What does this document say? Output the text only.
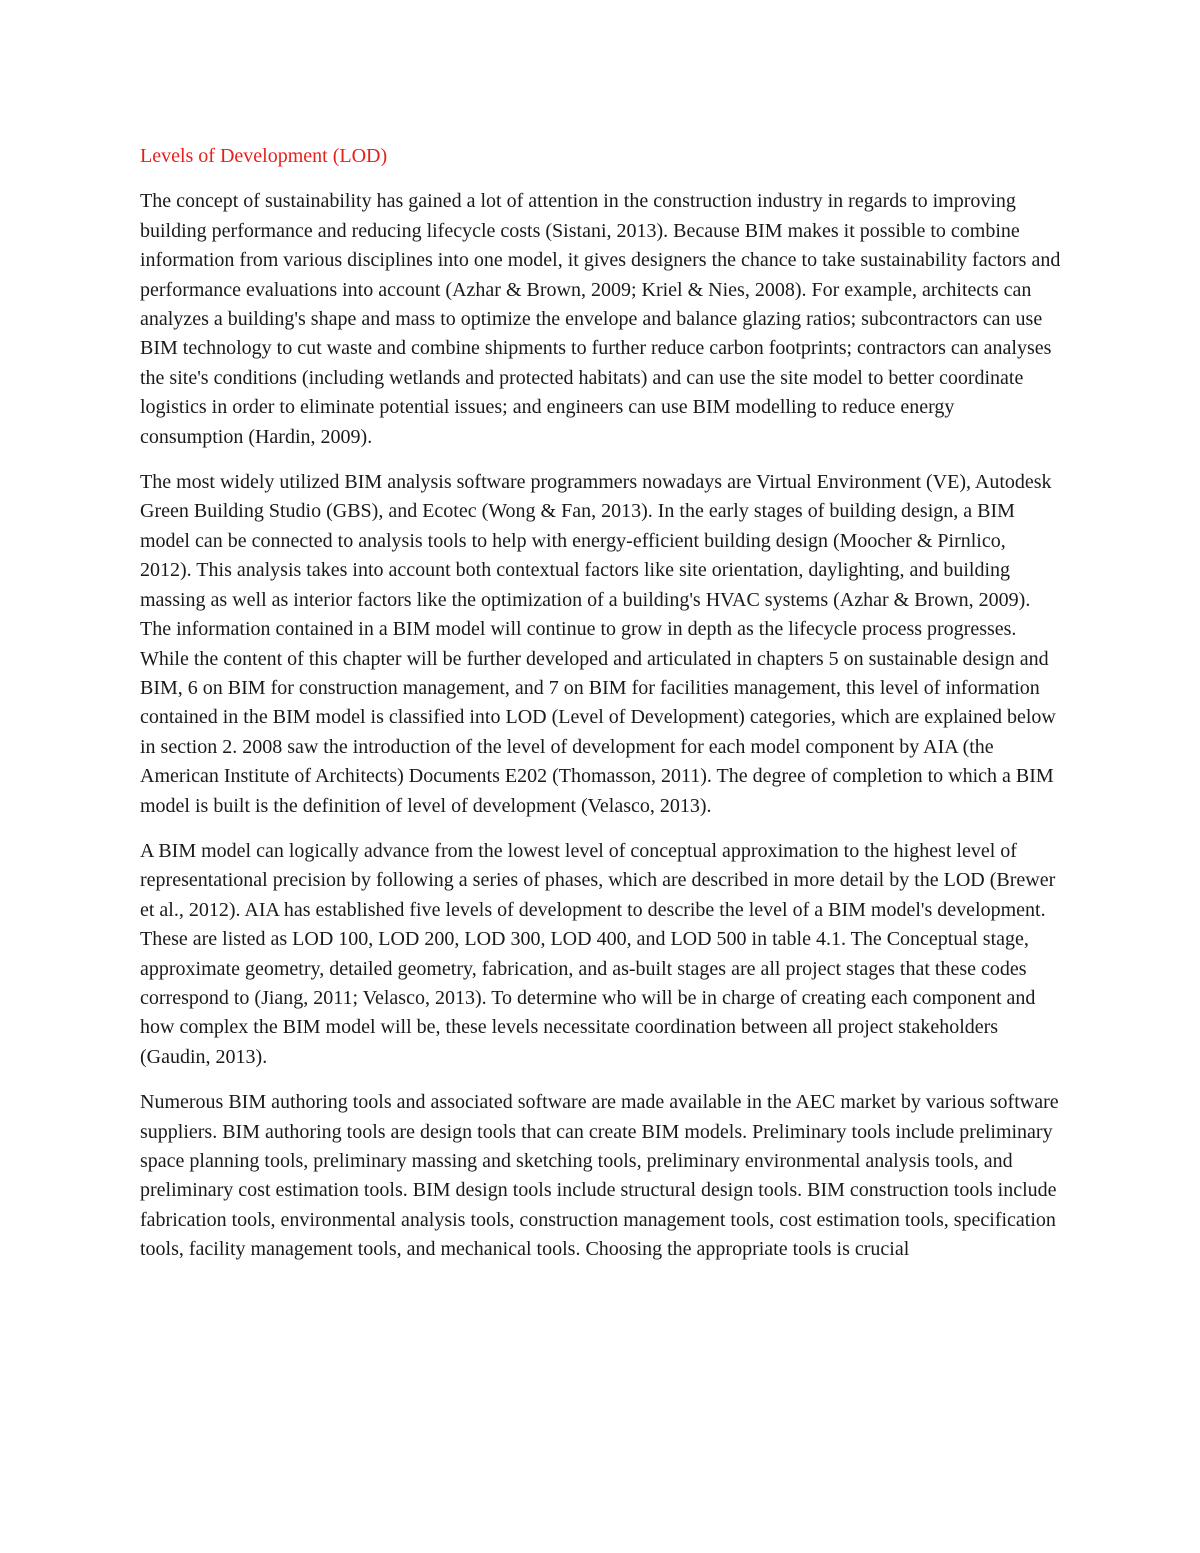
Levels of Development (LOD)

The concept of sustainability has gained a lot of attention in the construction industry in regards to improving building performance and reducing lifecycle costs (Sistani, 2013). Because BIM makes it possible to combine information from various disciplines into one model, it gives designers the chance to take sustainability factors and performance evaluations into account (Azhar & Brown, 2009; Kriel & Nies, 2008). For example, architects can analyzes a building's shape and mass to optimize the envelope and balance glazing ratios; subcontractors can use BIM technology to cut waste and combine shipments to further reduce carbon footprints; contractors can analyses the site's conditions (including wetlands and protected habitats) and can use the site model to better coordinate logistics in order to eliminate potential issues; and engineers can use BIM modelling to reduce energy consumption (Hardin, 2009).

The most widely utilized BIM analysis software programmers nowadays are Virtual Environment (VE), Autodesk Green Building Studio (GBS), and Ecotec (Wong & Fan, 2013). In the early stages of building design, a BIM model can be connected to analysis tools to help with energy-efficient building design (Moocher & Pirnlico, 2012). This analysis takes into account both contextual factors like site orientation, daylighting, and building massing as well as interior factors like the optimization of a building's HVAC systems (Azhar & Brown, 2009). The information contained in a BIM model will continue to grow in depth as the lifecycle process progresses. While the content of this chapter will be further developed and articulated in chapters 5 on sustainable design and BIM, 6 on BIM for construction management, and 7 on BIM for facilities management, this level of information contained in the BIM model is classified into LOD (Level of Development) categories, which are explained below in section 2. 2008 saw the introduction of the level of development for each model component by AIA (the American Institute of Architects) Documents E202 (Thomasson, 2011). The degree of completion to which a BIM model is built is the definition of level of development (Velasco, 2013).

A BIM model can logically advance from the lowest level of conceptual approximation to the highest level of representational precision by following a series of phases, which are described in more detail by the LOD (Brewer et al., 2012). AIA has established five levels of development to describe the level of a BIM model's development. These are listed as LOD 100, LOD 200, LOD 300, LOD 400, and LOD 500 in table 4.1. The Conceptual stage, approximate geometry, detailed geometry, fabrication, and as-built stages are all project stages that these codes correspond to (Jiang, 2011; Velasco, 2013). To determine who will be in charge of creating each component and how complex the BIM model will be, these levels necessitate coordination between all project stakeholders (Gaudin, 2013).

Numerous BIM authoring tools and associated software are made available in the AEC market by various software suppliers. BIM authoring tools are design tools that can create BIM models. Preliminary tools include preliminary space planning tools, preliminary massing and sketching tools, preliminary environmental analysis tools, and preliminary cost estimation tools. BIM design tools include structural design tools. BIM construction tools include fabrication tools, environmental analysis tools, construction management tools, cost estimation tools, specification tools, facility management tools, and mechanical tools. Choosing the appropriate tools is crucial
